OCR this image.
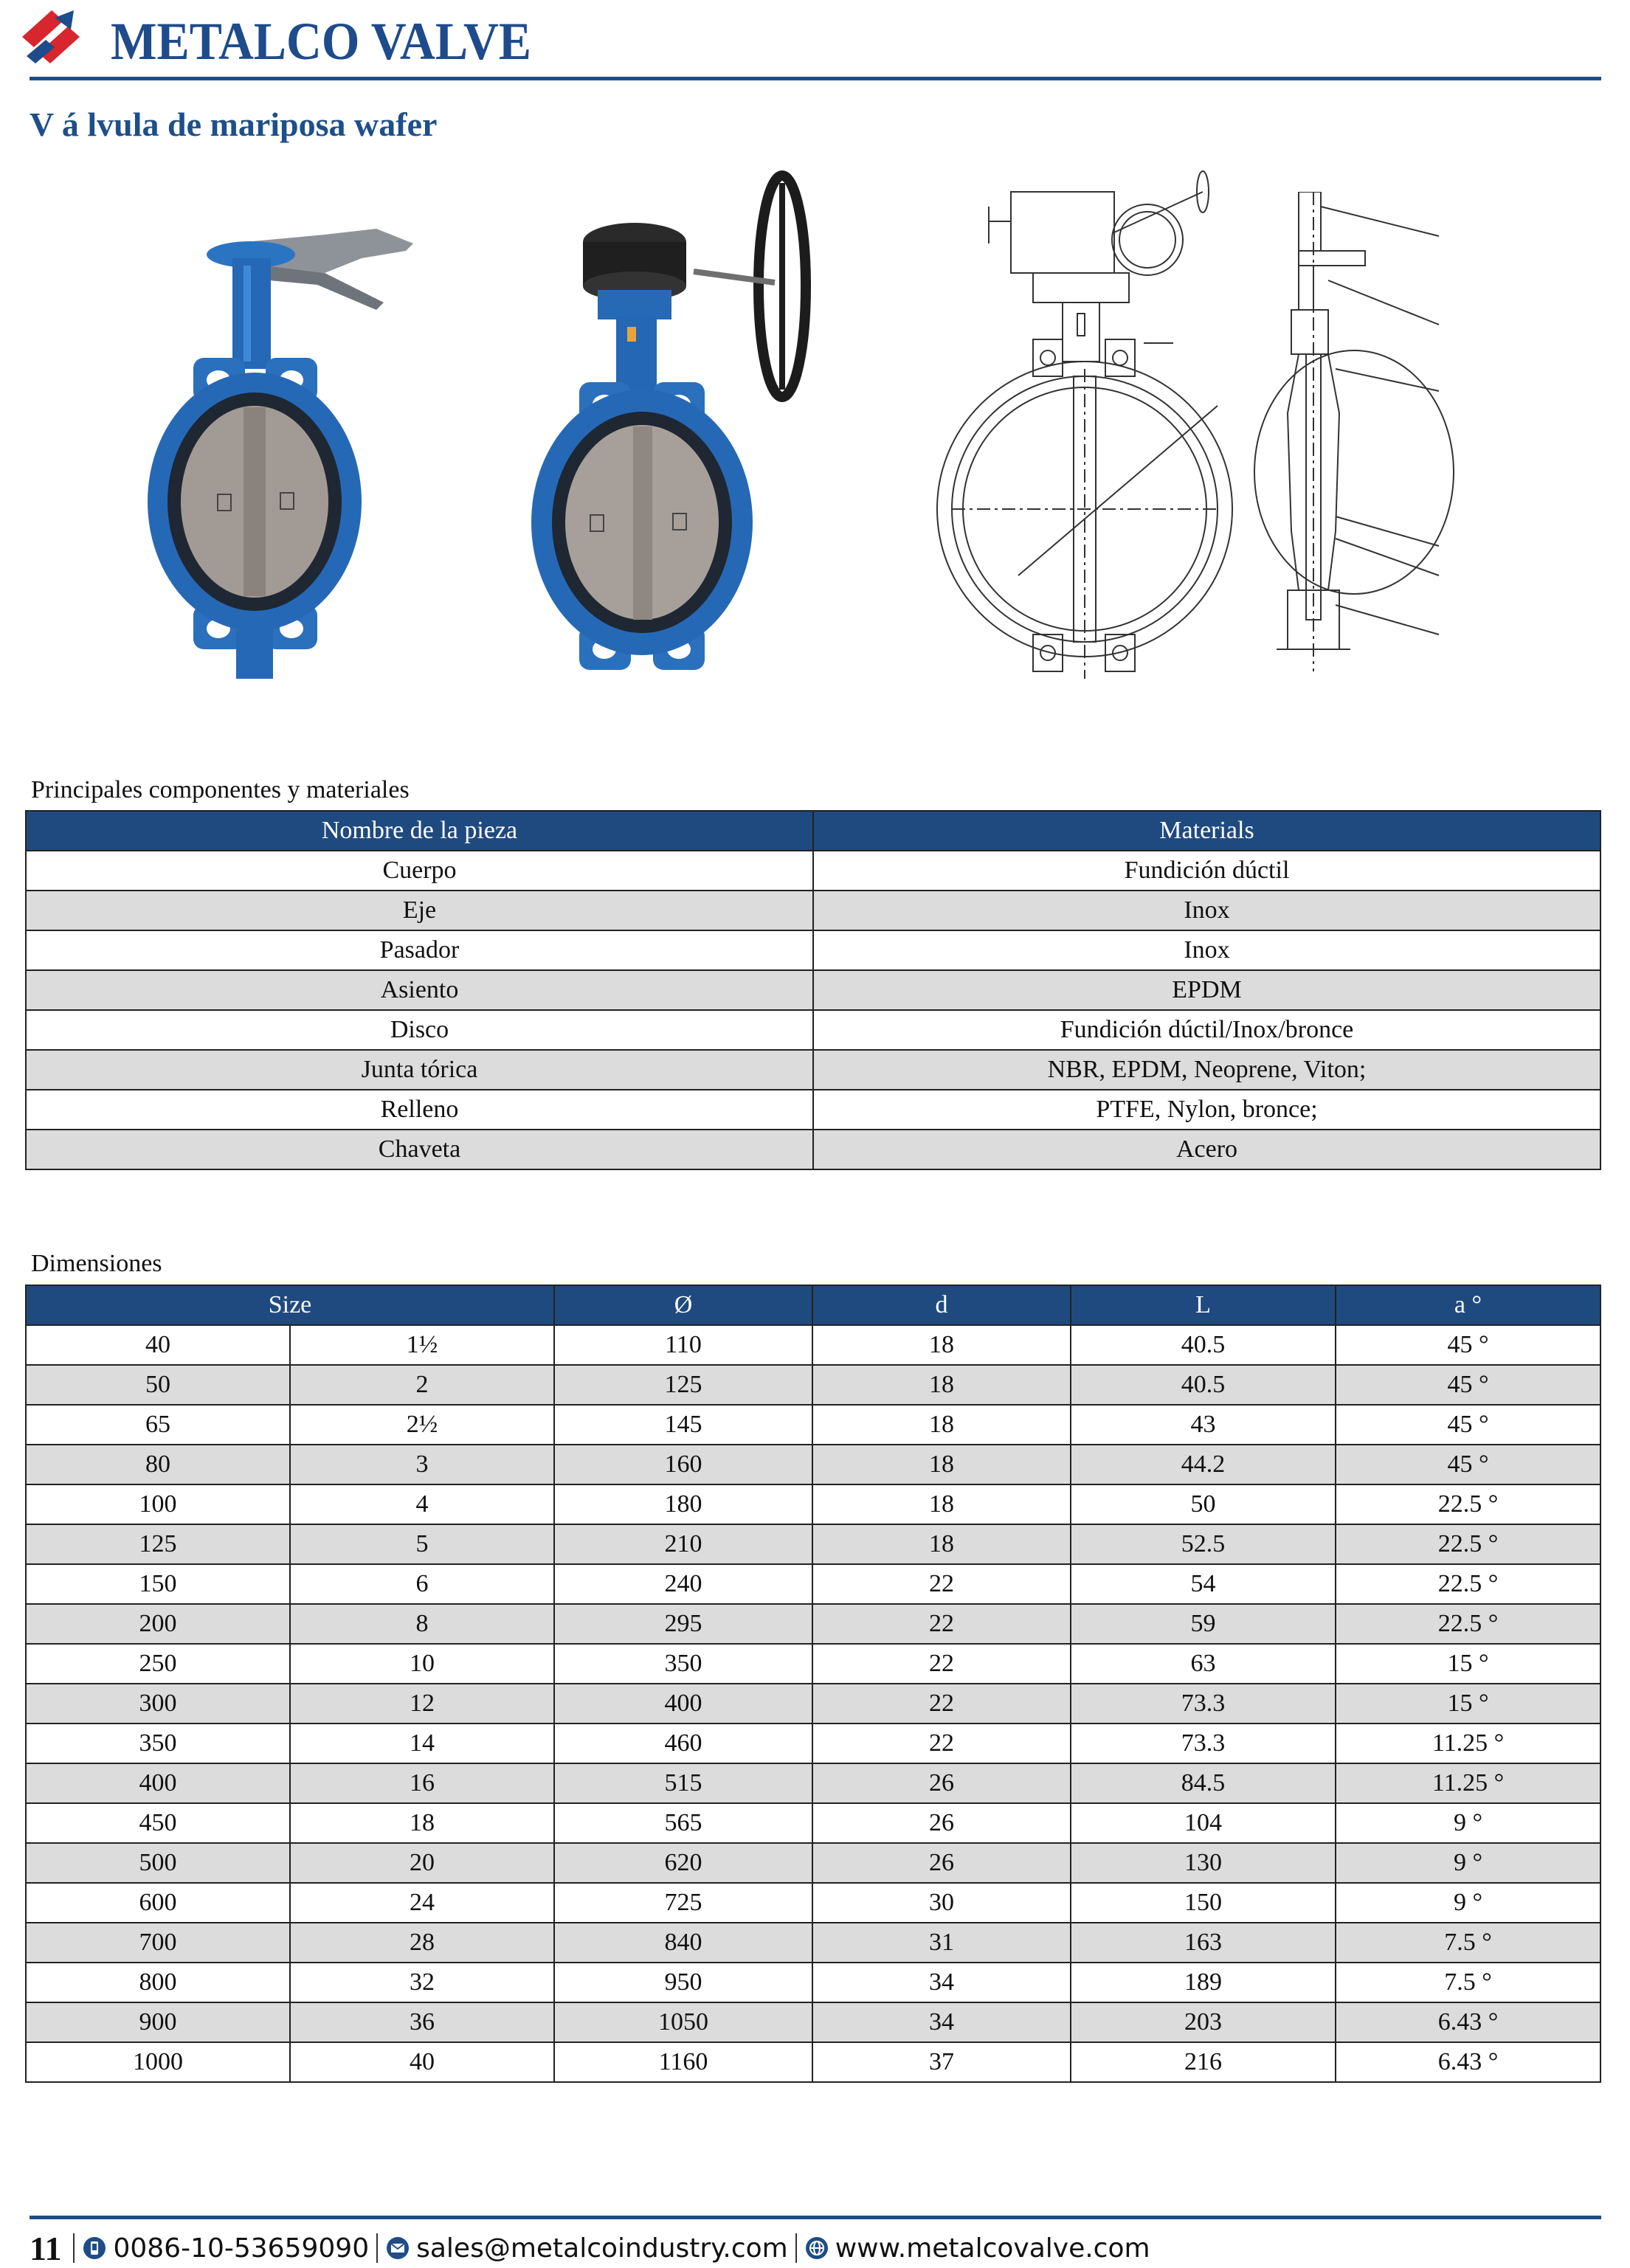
METALCO VALVE
V á lvula de mariposa wafer
Principales componentes y materiales
Nombre de la pieza	Materials
Cuerpo	Fundición dúctil
Eje	Inox
Pasador	Inox
Asiento	EPDM
Disco	Fundición dúctil/Inox/bronce
Junta tórica	NBR, EPDM, Neoprene, Viton;
Relleno	PTFE, Nylon, bronce;
Chaveta	Acero
Dimensiones
Size		Ø	d	L	a °
40	1½	110	18	40.5	45 °
50	2	125	18	40.5	45 °
65	2½	145	18	43	45 °
80	3	160	18	44.2	45 °
100	4	180	18	50	22.5 °
125	5	210	18	52.5	22.5 °
150	6	240	22	54	22.5 °
200	8	295	22	59	22.5 °
250	10	350	22	63	15 °
300	12	400	22	73.3	15 °
350	14	460	22	73.3	11.25 °
400	16	515	26	84.5	11.25 °
450	18	565	26	104	9 °
500	20	620	26	130	9 °
600	24	725	30	150	9 °
700	28	840	31	163	7.5 °
800	32	950	34	189	7.5 °
900	36	1050	34	203	6.43 °
1000	40	1160	37	216	6.43 °
11 0086-10-53659090 sales@metalcoindustry.com www.metalcovalve.com
